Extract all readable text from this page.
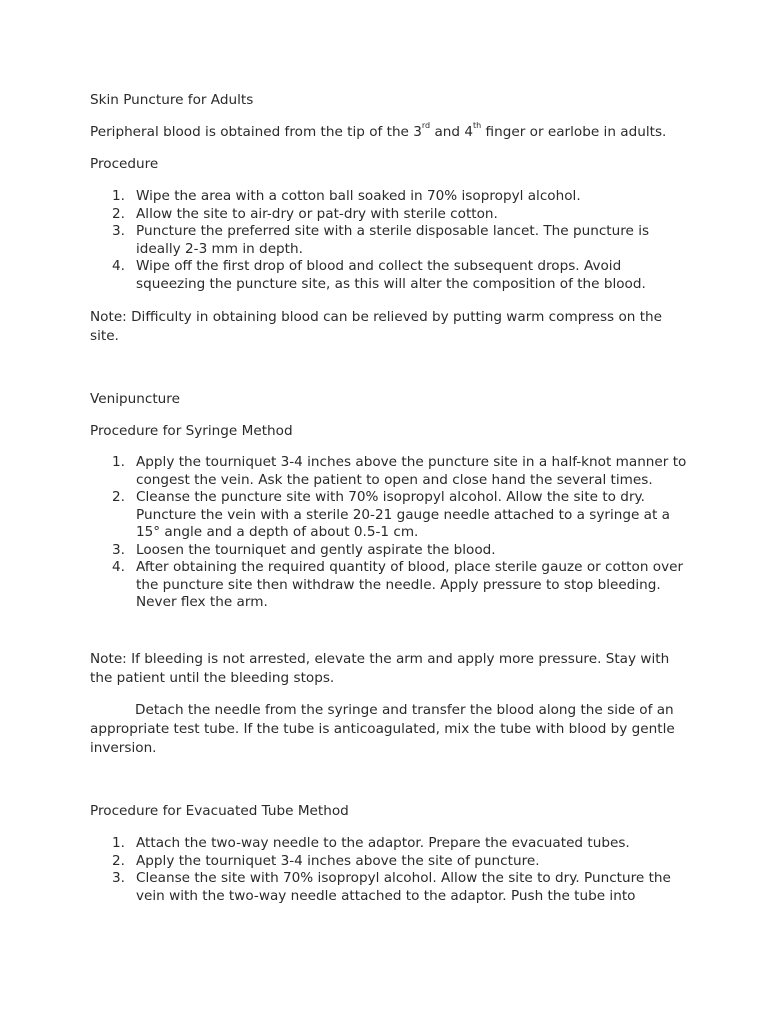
Skin Puncture for Adults

Peripheral blood is obtained from the tip of the 3rd and 4th finger or earlobe in adults.

Procedure

1. Wipe the area with a cotton ball soaked in 70% isopropyl alcohol.
2. Allow the site to air-dry or pat-dry with sterile cotton.
3. Puncture the preferred site with a sterile disposable lancet. The puncture is ideally 2-3 mm in depth.
4. Wipe off the first drop of blood and collect the subsequent drops. Avoid squeezing the puncture site, as this will alter the composition of the blood.

Note: Difficulty in obtaining blood can be relieved by putting warm compress on the site.

Venipuncture

Procedure for Syringe Method

1. Apply the tourniquet 3-4 inches above the puncture site in a half-knot manner to congest the vein. Ask the patient to open and close hand the several times.
2. Cleanse the puncture site with 70% isopropyl alcohol. Allow the site to dry. Puncture the vein with a sterile 20-21 gauge needle attached to a syringe at a 15° angle and a depth of about 0.5-1 cm.
3. Loosen the tourniquet and gently aspirate the blood.
4. After obtaining the required quantity of blood, place sterile gauze or cotton over the puncture site then withdraw the needle. Apply pressure to stop bleeding. Never flex the arm.

Note: If bleeding is not arrested, elevate the arm and apply more pressure. Stay with the patient until the bleeding stops.

Detach the needle from the syringe and transfer the blood along the side of an appropriate test tube. If the tube is anticoagulated, mix the tube with blood by gentle inversion.

Procedure for Evacuated Tube Method

1. Attach the two-way needle to the adaptor. Prepare the evacuated tubes.
2. Apply the tourniquet 3-4 inches above the site of puncture.
3. Cleanse the site with 70% isopropyl alcohol. Allow the site to dry. Puncture the vein with the two-way needle attached to the adaptor. Push the tube into
